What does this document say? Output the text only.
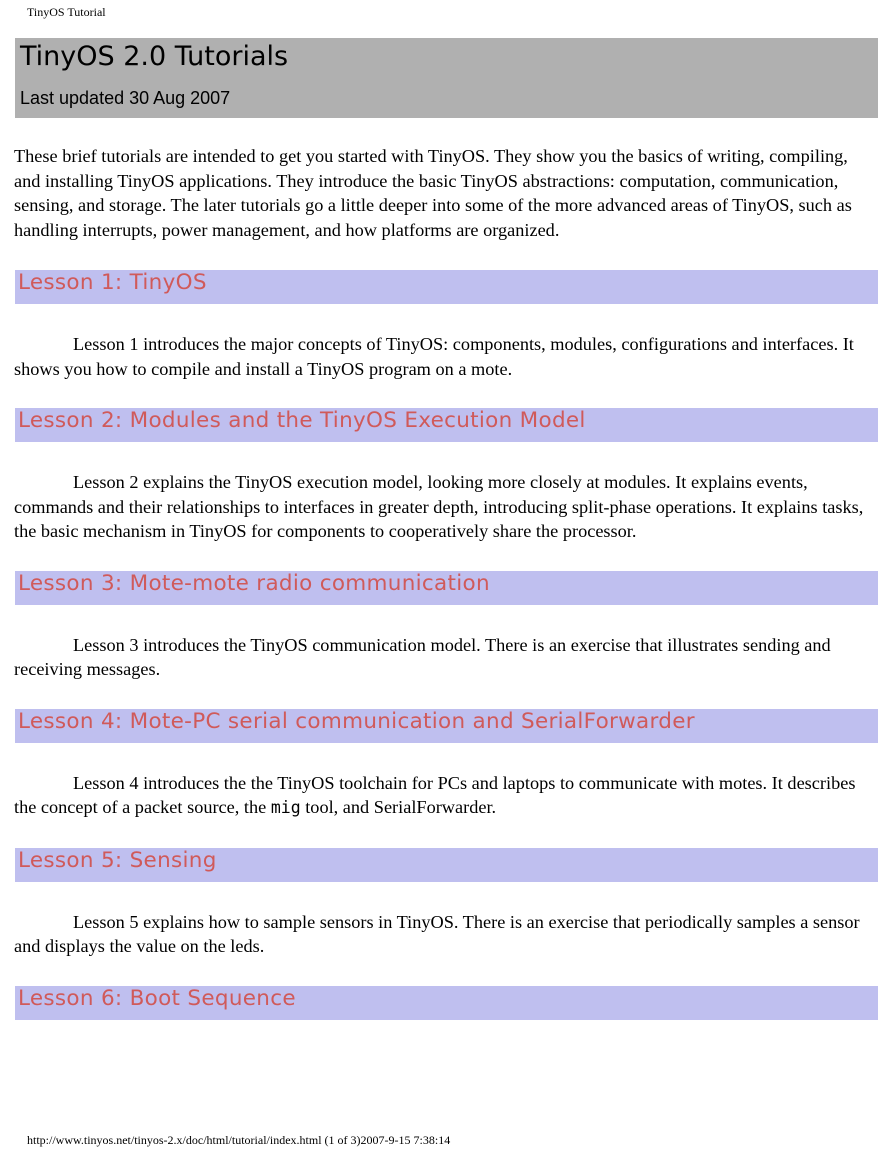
TinyOS Tutorial
TinyOS 2.0 Tutorials
Last updated 30 Aug 2007

These brief tutorials are intended to get you started with TinyOS. They show you the basics of writing, compiling, and installing TinyOS applications. They introduce the basic TinyOS abstractions: computation, communication, sensing, and storage. The later tutorials go a little deeper into some of the more advanced areas of TinyOS, such as handling interrupts, power management, and how platforms are organized.

Lesson 1: TinyOS

Lesson 1 introduces the major concepts of TinyOS: components, modules, configurations and interfaces. It shows you how to compile and install a TinyOS program on a mote.

Lesson 2: Modules and the TinyOS Execution Model

Lesson 2 explains the TinyOS execution model, looking more closely at modules. It explains events, commands and their relationships to interfaces in greater depth, introducing split-phase operations. It explains tasks, the basic mechanism in TinyOS for components to cooperatively share the processor.

Lesson 3: Mote-mote radio communication

Lesson 3 introduces the TinyOS communication model. There is an exercise that illustrates sending and receiving messages.

Lesson 4: Mote-PC serial communication and SerialForwarder

Lesson 4 introduces the the TinyOS toolchain for PCs and laptops to communicate with motes. It describes the concept of a packet source, the mig tool, and SerialForwarder.

Lesson 5: Sensing

Lesson 5 explains how to sample sensors in TinyOS. There is an exercise that periodically samples a sensor and displays the value on the leds.

Lesson 6: Boot Sequence
http://www.tinyos.net/tinyos-2.x/doc/html/tutorial/index.html (1 of 3)2007-9-15 7:38:14
